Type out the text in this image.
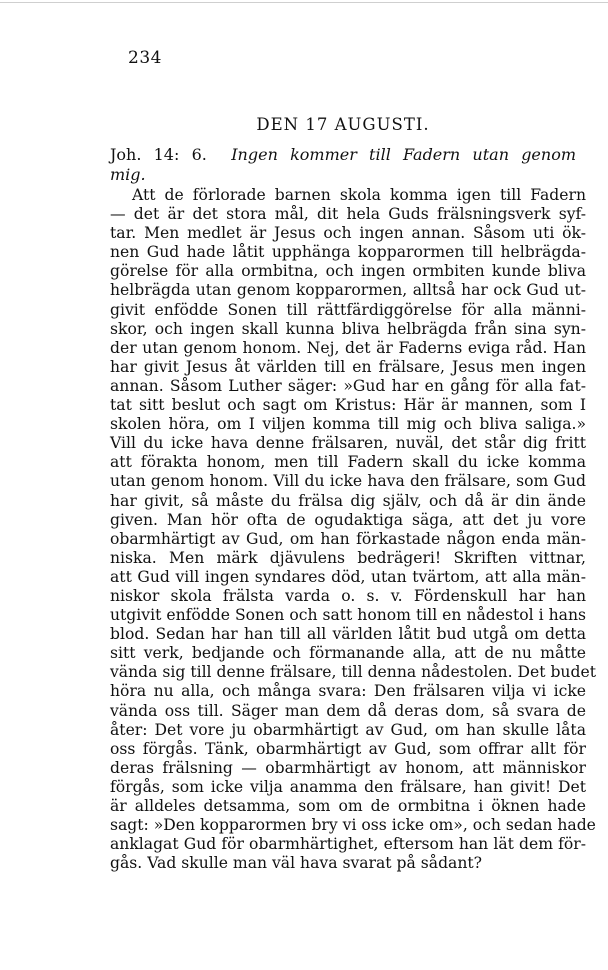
234
DEN 17 AUGUSTI.
Joh. 14: 6. Ingen kommer till Fadern utan genom
mig.
Att de förlorade barnen skola komma igen till Fadern
— det är det stora mål, dit hela Guds frälsningsverk syf-
tar. Men medlet är Jesus och ingen annan. Såsom uti ök-
nen Gud hade låtit upphänga kopparormen till helbrägda-
görelse för alla ormbitna, och ingen ormbiten kunde bliva
helbrägda utan genom kopparormen, alltså har ock Gud ut-
givit enfödde Sonen till rättfärdiggörelse för alla männi-
skor, och ingen skall kunna bliva helbrägda från sina syn-
der utan genom honom. Nej, det är Faderns eviga råd. Han
har givit Jesus åt världen till en frälsare, Jesus men ingen
annan. Såsom Luther säger: »Gud har en gång för alla fat-
tat sitt beslut och sagt om Kristus: Här är mannen, som I
skolen höra, om I viljen komma till mig och bliva saliga.»
Vill du icke hava denne frälsaren, nuväl, det står dig fritt
att förakta honom, men till Fadern skall du icke komma
utan genom honom. Vill du icke hava den frälsare, som Gud
har givit, så måste du frälsa dig själv, och då är din ände
given. Man hör ofta de ogudaktiga säga, att det ju vore
obarmhärtigt av Gud, om han förkastade någon enda män-
niska. Men märk djävulens bedrägeri! Skriften vittnar,
att Gud vill ingen syndares död, utan tvärtom, att alla män-
niskor skola frälsta varda o. s. v. Fördenskull har han
utgivit enfödde Sonen och satt honom till en nådestol i hans
blod. Sedan har han till all världen låtit bud utgå om detta
sitt verk, bedjande och förmanande alla, att de nu måtte
vända sig till denne frälsare, till denna nådestolen. Det budet
höra nu alla, och många svara: Den frälsaren vilja vi icke
vända oss till. Säger man dem då deras dom, så svara de
åter: Det vore ju obarmhärtigt av Gud, om han skulle låta
oss förgås. Tänk, obarmhärtigt av Gud, som offrar allt för
deras frälsning — obarmhärtigt av honom, att människor
förgås, som icke vilja anamma den frälsare, han givit! Det
är alldeles detsamma, som om de ormbitna i öknen hade
sagt: »Den kopparormen bry vi oss icke om», och sedan hade
anklagat Gud för obarmhärtighet, eftersom han lät dem för-
gås. Vad skulle man väl hava svarat på sådant?
